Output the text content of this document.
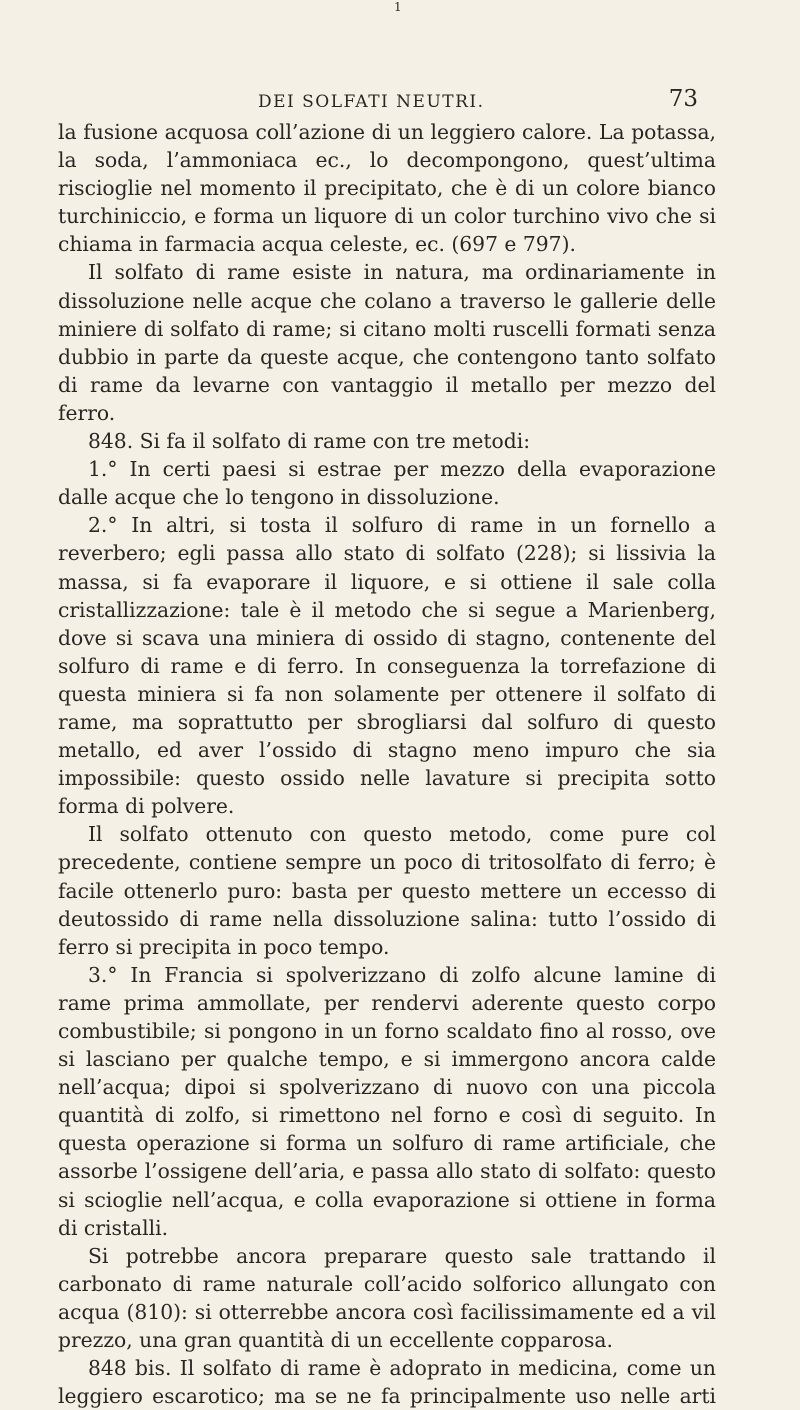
1
DEI SOLFATI NEUTRI.	73

la fusione acquosa coll’azione di un leggiero calore. La potassa, la soda, l’ammoniaca ec., lo decompongono, quest’ultima riscioglie nel momento il precipitato, che è di un colore bianco turchiniccio, e forma un liquore di un color turchino vivo che si chiama in farmacia acqua celeste, ec. (697 e 797).

Il solfato di rame esiste in natura, ma ordinariamente in dissoluzione nelle acque che colano a traverso le gallerie delle miniere di solfato di rame; si citano molti ruscelli formati senza dubbio in parte da queste acque, che contengono tanto solfato di rame da levarne con vantaggio il metallo per mezzo del ferro.

848. Si fa il solfato di rame con tre metodi:

1.° In certi paesi si estrae per mezzo della evaporazione dalle acque che lo tengono in dissoluzione.

2.° In altri, si tosta il solfuro di rame in un fornello a reverbero; egli passa allo stato di solfato (228); si lissivia la massa, si fa evaporare il liquore, e si ottiene il sale colla cristallizzazione: tale è il metodo che si segue a Marienberg, dove si scava una miniera di ossido di stagno, contenente del solfuro di rame e di ferro. In conseguenza la torrefazione di questa miniera si fa non solamente per ottenere il solfato di rame, ma soprattutto per sbrogliarsi dal solfuro di questo metallo, ed aver l’ossido di stagno meno impuro che sia impossibile: questo ossido nelle lavature si precipita sotto forma di polvere.

Il solfato ottenuto con questo metodo, come pure col precedente, contiene sempre un poco di tritosolfato di ferro; è facile ottenerlo puro: basta per questo mettere un eccesso di deutossido di rame nella dissoluzione salina: tutto l’ossido di ferro si precipita in poco tempo.

3.° In Francia si spolverizzano di zolfo alcune lamine di rame prima ammollate, per rendervi aderente questo corpo combustibile; si pongono in un forno scaldato fino al rosso, ove si lasciano per qualche tempo, e si immergono ancora calde nell’acqua; dipoi si spolverizzano di nuovo con una piccola quantità di zolfo, si rimettono nel forno e così di seguito. In questa operazione si forma un solfuro di rame artificiale, che assorbe l’ossigene dell’aria, e passa allo stato di solfato: questo si scioglie nell’acqua, e colla evaporazione si ottiene in forma di cristalli.

Si potrebbe ancora preparare questo sale trattando il carbonato di rame naturale coll’acido solforico allungato con acqua (810): si otterrebbe ancora così facilissimamente ed a vil prezzo, una gran quantità di un eccellente copparosa.

848 bis. Il solfato di rame è adoprato in medicina, come un leggiero escarotico; ma se ne fa principalmente uso nelle arti
